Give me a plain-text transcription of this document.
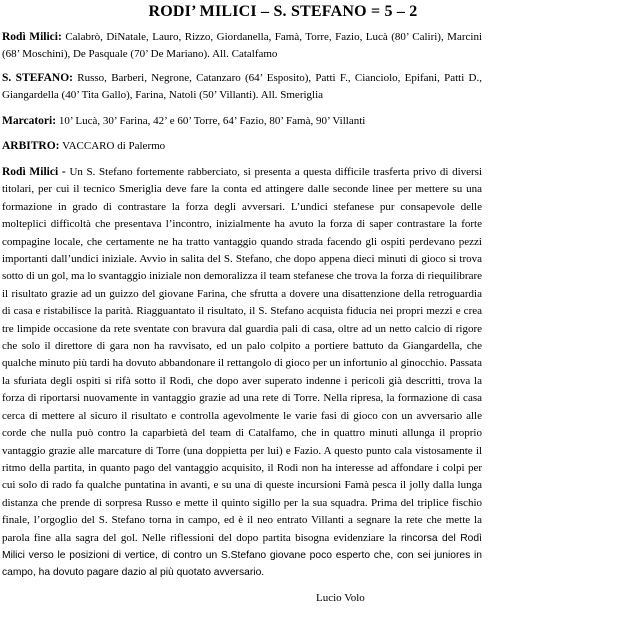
RODI’ MILICI – S. STEFANO = 5 – 2

Rodì Milici: Calabrò, DiNatale, Lauro, Rizzo, Giordanella, Famà, Torre, Fazio, Lucà (80’ Caliri), Marcini (68’ Moschini), De Pasquale (70’ De Mariano). All. Catalfamo

S. STEFANO: Russo, Barberi, Negrone, Catanzaro (64’ Esposito), Patti F., Cianciolo, Epifani, Patti D., Giangardella (40’ Tita Gallo), Farina, Natoli (50’ Villanti). All. Smeriglia

Marcatori: 10’ Lucà, 30’ Farina, 42’ e 60’ Torre, 64’ Fazio, 80’ Famà, 90’ Villanti

ARBITRO: VACCARO di Palermo

Rodì Milici - Un S. Stefano fortemente rabberciato, si presenta a questa difficile trasferta privo di diversi titolari, per cui il tecnico Smeriglia deve fare la conta ed attingere dalle seconde linee per mettere su una formazione in grado di contrastare la forza degli avversari. L’undici stefanese pur consapevole delle molteplici difficoltà che presentava l’incontro, inizialmente ha avuto la forza di saper contrastare la forte compagine locale, che certamente ne ha tratto vantaggio quando strada facendo gli ospiti perdevano pezzi importanti dall’undici iniziale. Avvio in salita del S. Stefano, che dopo appena dieci minuti di gioco si trova sotto di un gol, ma lo svantaggio iniziale non demoralizza il team stefanese che trova la forza di riequilibrare il risultato grazie ad un guizzo del giovane Farina, che sfrutta a dovere una disattenzione della retroguardia di casa e ristabilisce la parità. Riagguantato il risultato, il S. Stefano acquista fiducia nei propri mezzi e crea tre limpide occasione da rete sventate con bravura dal guardia pali di casa, oltre ad un netto calcio di rigore che solo il direttore di gara non ha ravvisato, ed un palo colpito a portiere battuto da Giangardella, che qualche minuto più tardi ha dovuto abbandonare il rettangolo di gioco per un infortunio al ginocchio. Passata la sfuriata degli ospiti si rifà sotto il Rodì, che dopo aver superato indenne i pericoli già descritti, trova la forza di riportarsi nuovamente in vantaggio grazie ad una rete di Torre. Nella ripresa, la formazione di casa cerca di mettere al sicuro il risultato e controlla agevolmente le varie fasi di gioco con un avversario alle corde che nulla può contro la caparbietà del team di Catalfamo, che in quattro minuti allunga il proprio vantaggio grazie alle marcature di Torre (una doppietta per lui) e Fazio. A questo punto cala vistosamente il ritmo della partita, in quanto pago del vantaggio acquisito, il Rodì non ha interesse ad affondare i colpi per cui solo di rado fa qualche puntatina in avanti, e su una di queste incursioni Famà pesca il jolly dalla lunga distanza che prende di sorpresa Russo e mette il quinto sigillo per la sua squadra. Prima del triplice fischio finale, l’orgoglio del S. Stefano torna in campo, ed è il neo entrato Villanti a segnare la rete che mette la parola fine alla sagra del gol. Nelle riflessioni del dopo partita bisogna evidenziare la rincorsa del Rodì Milici verso le posizioni di vertice, di contro un S.Stefano giovane poco esperto che, con sei juniores in campo, ha dovuto pagare dazio al più quotato avversario.

Lucio Volo
